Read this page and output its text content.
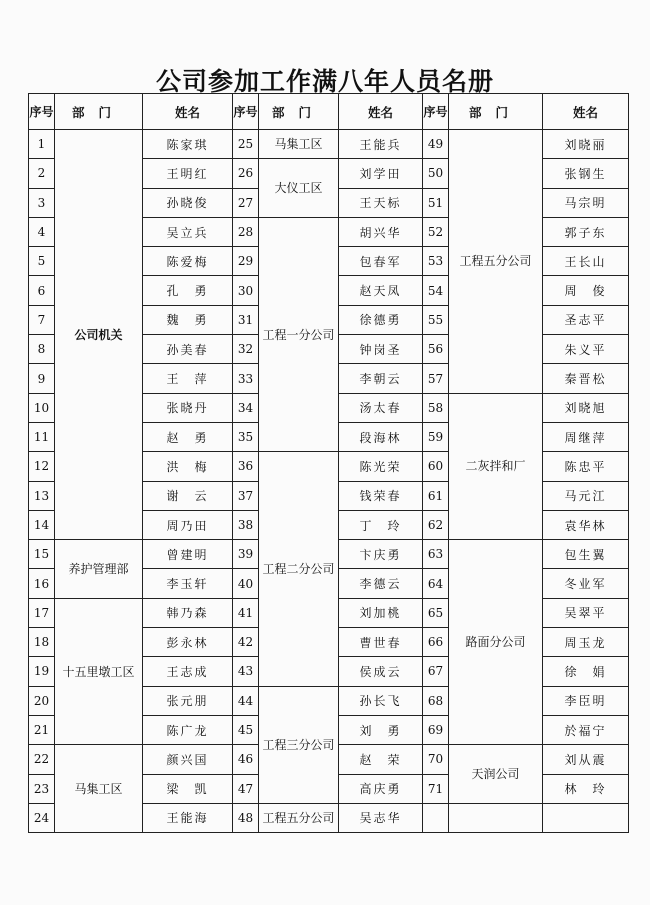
公司参加工作满八年人员名册
序号	部门	姓名	序号	部门	姓名	序号	部门	姓名
1	公司机关	陈家琪	25	马集工区	王能兵	49	工程五分公司	刘晓丽
2		王明红	26	大仪工区	刘学田	50		张钢生
3		孙晓俊	27		王天标	51		马宗明
4		吴立兵	28	工程一分公司	胡兴华	52		郭子东
5		陈爱梅	29		包春军	53		王长山
6		孔　勇	30		赵天凤	54		周　俊
7		魏　勇	31		徐德勇	55		圣志平
8		孙美春	32		钟岗圣	56		朱义平
9		王　萍	33		李朝云	57		秦晋松
10		张晓丹	34		汤太春	58	二灰拌和厂	刘晓旭
11		赵　勇	35		段海林	59		周继萍
12		洪　梅	36	工程二分公司	陈光荣	60		陈忠平
13		谢　云	37		钱荣春	61		马元江
14		周乃田	38		丁　玲	62		袁华林
15	养护管理部	曾建明	39		卞庆勇	63	路面分公司	包生翼
16		李玉轩	40		李德云	64		冬业军
17	十五里墩工区	韩乃森	41		刘加桃	65		吴翠平
18		彭永林	42		曹世春	66		周玉龙
19		王志成	43		侯成云	67		徐　娟
20		张元朋	44	工程三分公司	孙长飞	68		李臣明
21		陈广龙	45		刘　勇	69		於福宁
22	马集工区	颜兴国	46		赵　荣	70	天润公司	刘从震
23		梁　凯	47		高庆勇	71		林　玲
24		王能海	48	工程五分公司	吴志华			
